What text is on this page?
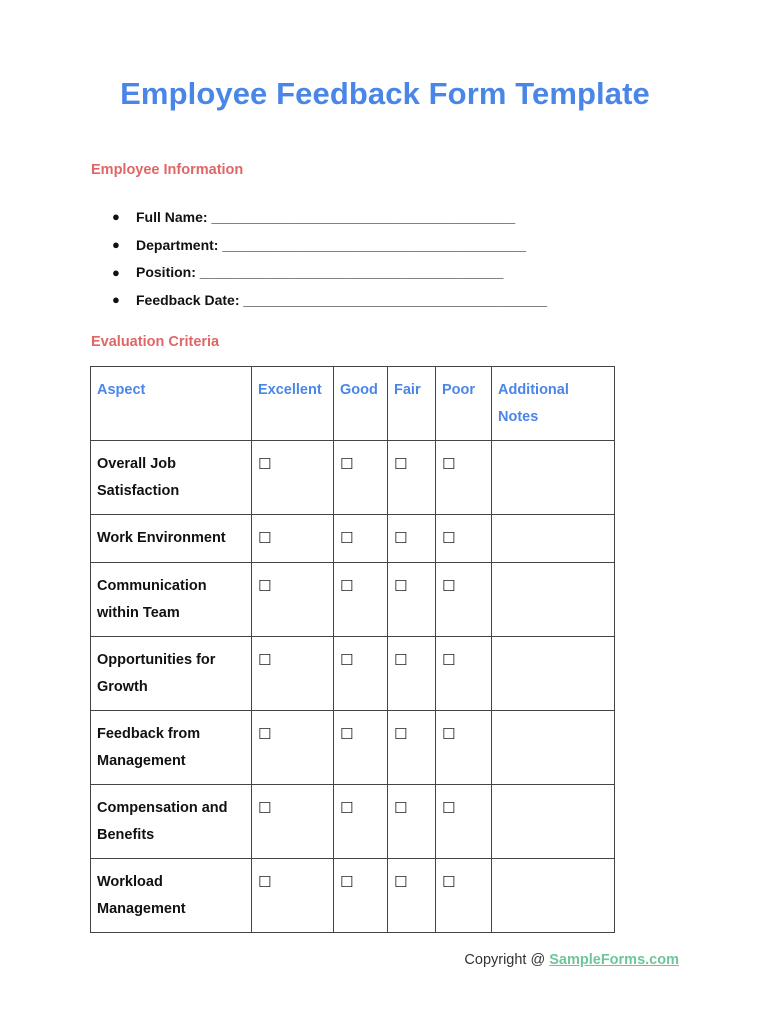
Employee Feedback Form Template
Employee Information
● Full Name: _______________________________________
● Department: _______________________________________
● Position: _______________________________________
● Feedback Date: _______________________________________
Evaluation Criteria
Aspect	Excellent	Good	Fair	Poor	Additional Notes
Overall Job Satisfaction	☐	☐	☐	☐	
Work Environment	☐	☐	☐	☐	
Communication within Team	☐	☐	☐	☐	
Opportunities for Growth	☐	☐	☐	☐	
Feedback from Management	☐	☐	☐	☐	
Compensation and Benefits	☐	☐	☐	☐	
Workload Management	☐	☐	☐	☐	
Copyright @ SampleForms.com
